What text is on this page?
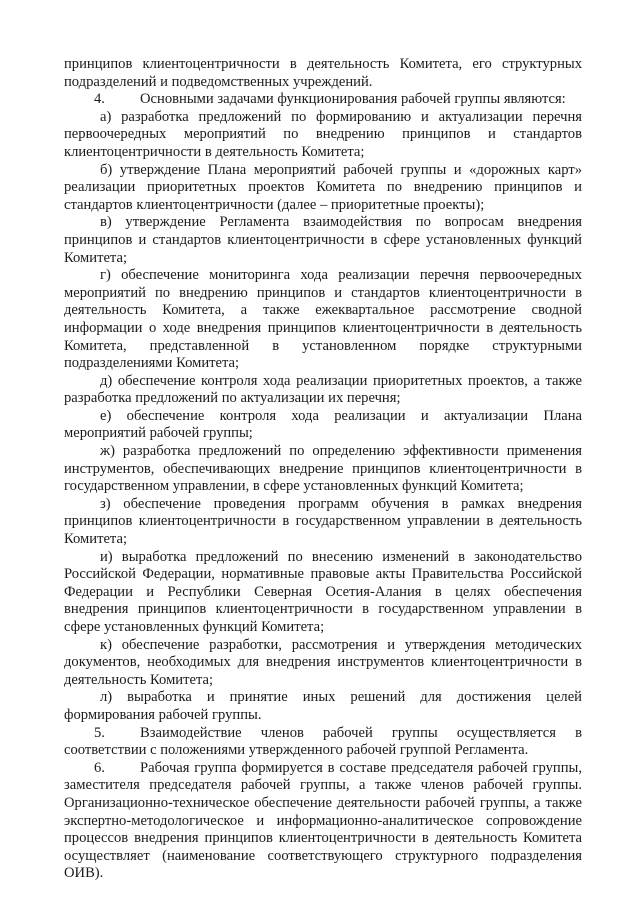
принципов клиентоцентричности в деятельность Комитета, его структурных подразделений и подведомственных учреждений.

4. Основными задачами функционирования рабочей группы являются:

а) разработка предложений по формированию и актуализации перечня первоочередных мероприятий по внедрению принципов и стандартов клиентоцентричности в деятельность Комитета;

б) утверждение Плана мероприятий рабочей группы и «дорожных карт» реализации приоритетных проектов Комитета по внедрению принципов и стандартов клиентоцентричности (далее – приоритетные проекты);

в) утверждение Регламента взаимодействия по вопросам внедрения принципов и стандартов клиентоцентричности в сфере установленных функций Комитета;

г) обеспечение мониторинга хода реализации перечня первоочередных мероприятий по внедрению принципов и стандартов клиентоцентричности в деятельность Комитета, а также ежеквартальное рассмотрение сводной информации о ходе внедрения принципов клиентоцентричности в деятельность Комитета, представленной в установленном порядке структурными подразделениями Комитета;

д) обеспечение контроля хода реализации приоритетных проектов, а также разработка предложений по актуализации их перечня;

е) обеспечение контроля хода реализации и актуализации Плана мероприятий рабочей группы;

ж) разработка предложений по определению эффективности применения инструментов, обеспечивающих внедрение принципов клиентоцентричности в государственном управлении, в сфере установленных функций Комитета;

з) обеспечение проведения программ обучения в рамках внедрения принципов клиентоцентричности в государственном управлении в деятельность Комитета;

и) выработка предложений по внесению изменений в законодательство Российской Федерации, нормативные правовые акты Правительства Российской Федерации и Республики Северная Осетия-Алания в целях обеспечения внедрения принципов клиентоцентричности в государственном управлении в сфере установленных функций Комитета;

к) обеспечение разработки, рассмотрения и утверждения методических документов, необходимых для внедрения инструментов клиентоцентричности в деятельность Комитета;

л) выработка и принятие иных решений для достижения целей формирования рабочей группы.

5. Взаимодействие членов рабочей группы осуществляется в соответствии с положениями утвержденного рабочей группой Регламента.

6. Рабочая группа формируется в составе председателя рабочей группы, заместителя председателя рабочей группы, а также членов рабочей группы. Организационно-техническое обеспечение деятельности рабочей группы, а также экспертно-методологическое и информационно-аналитическое сопровождение процессов внедрения принципов клиентоцентричности в деятельность Комитета осуществляет (наименование соответствующего структурного подразделения ОИВ).
